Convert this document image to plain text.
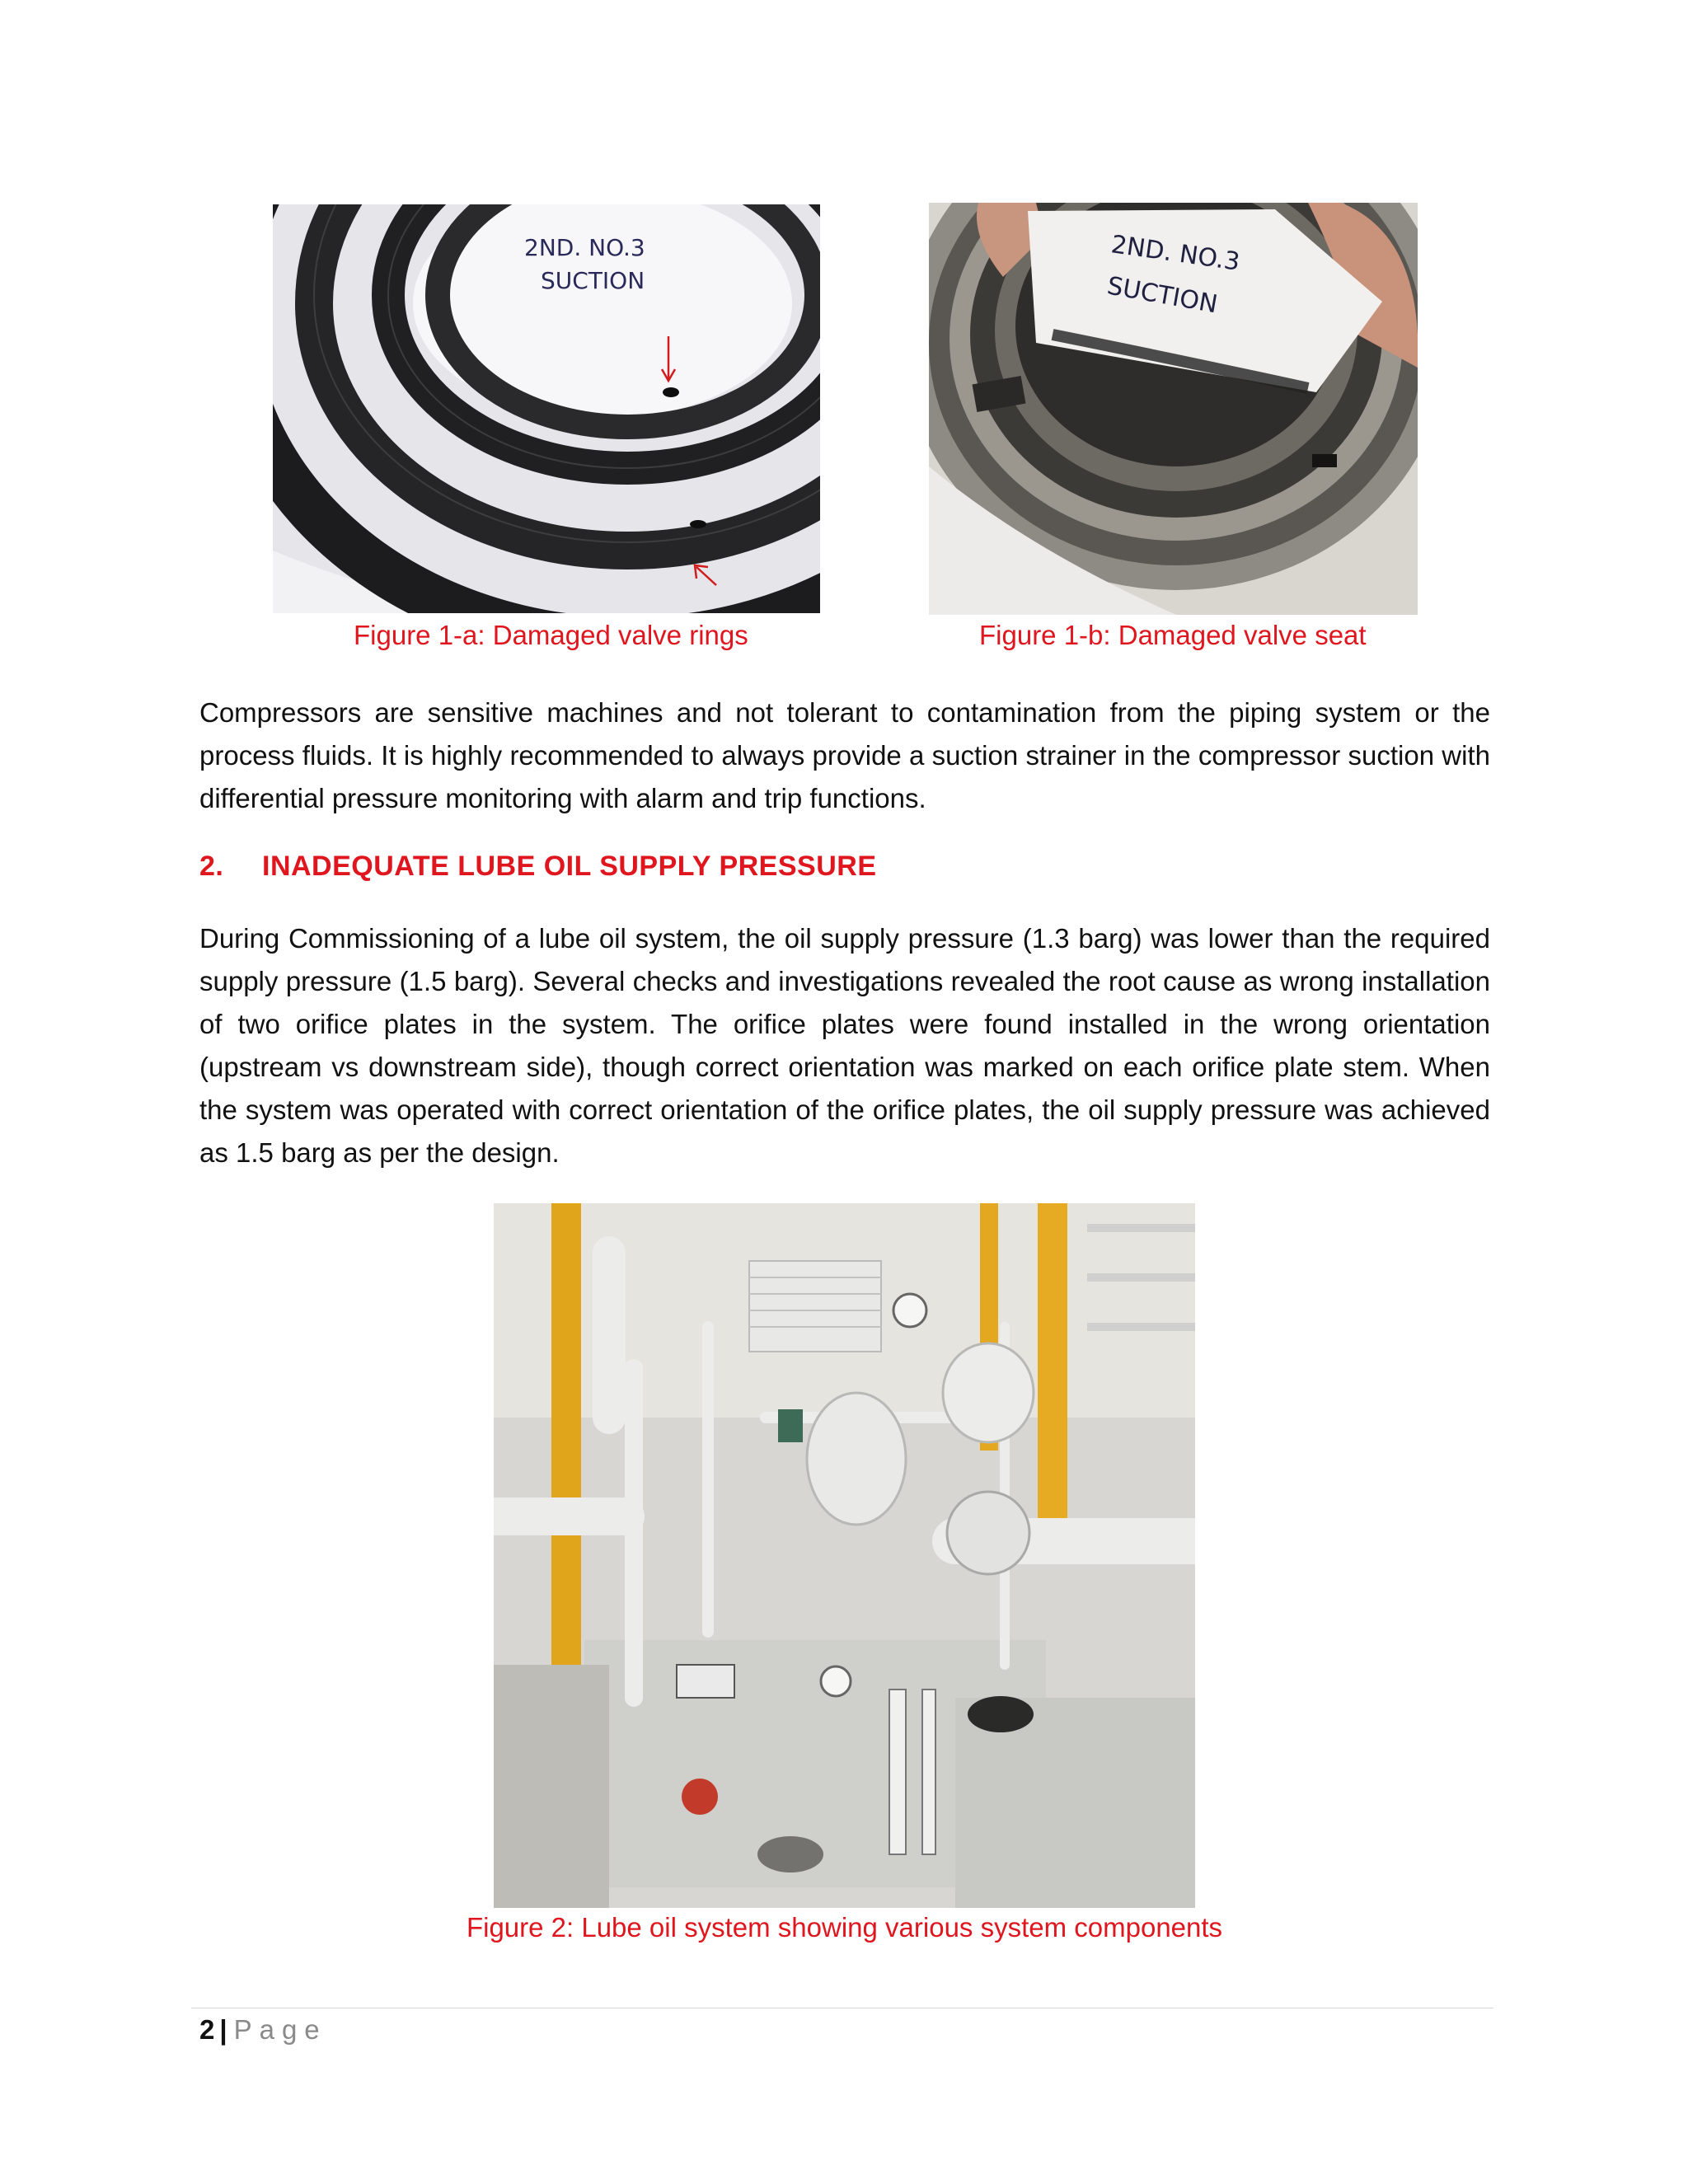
2ND. NO.3
SUCTION
Figure 1-a: Damaged valve rings
2ND. NO.3
SUCTION
Figure 1-b: Damaged valve seat
Compressors are sensitive machines and not tolerant to contamination from the piping system or the process fluids. It is highly recommended to always provide a suction strainer in the compressor suction with differential pressure monitoring with alarm and trip functions.
2. INADEQUATE LUBE OIL SUPPLY PRESSURE
During Commissioning of a lube oil system, the oil supply pressure (1.3 barg) was lower than the required supply pressure (1.5 barg). Several checks and investigations revealed the root cause as wrong installation of two orifice plates in the system. The orifice plates were found installed in the wrong orientation (upstream vs downstream side), though correct orientation was marked on each orifice plate stem. When the system was operated with correct orientation of the orifice plates, the oil supply pressure was achieved as 1.5 barg as per the design.
Figure 2: Lube oil system showing various system components
2 | Page
